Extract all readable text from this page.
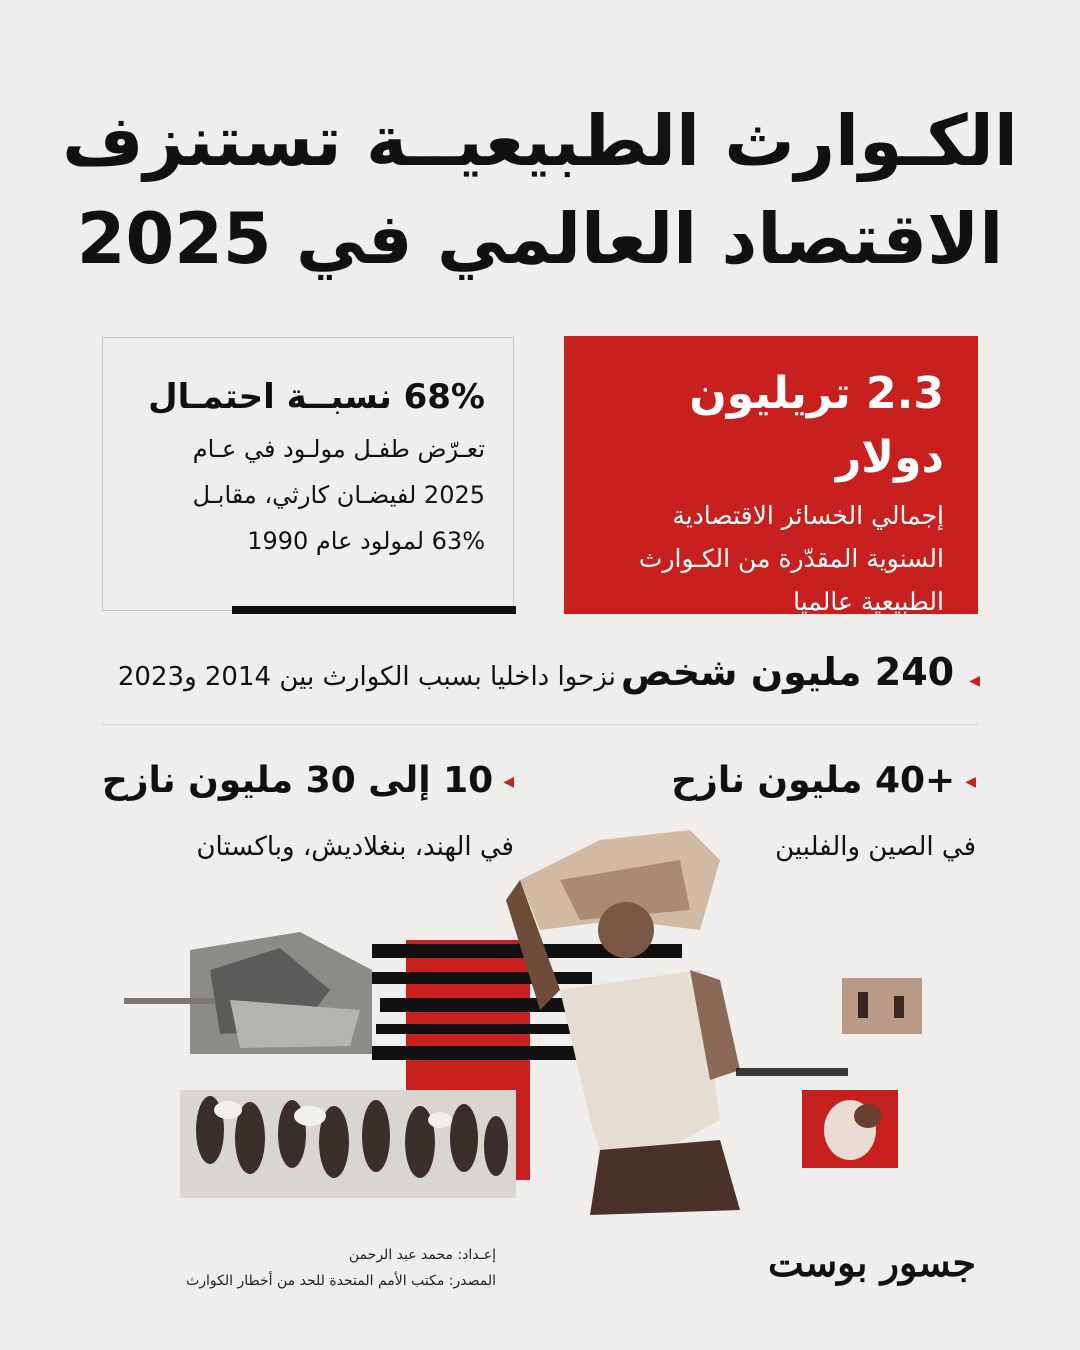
الكـوارث الطبيعيــة تستنزف
الاقتصاد العالمي في 2025
2.3 تريليون دولار
إجمالي الخسائر الاقتصادية
السنوية المقدّرة من الكـوارث
الطبيعية عالميا
68% نسبــة احتمـال
تعـرّض طفـل مولـود في عـام
2025 لفيضـان كارثي، مقابـل
63% لمولود عام 1990
◀ 240 مليون شخص نزحوا داخليا بسبب الكوارث بين 2014 و2023
◀+40 مليون نازح
في الصين والفلبين
◀10 إلى 30 مليون نازح
في الهند، بنغلاديش، وباكستان
إعـداد: محمد عبد الرحمن
المصدر: مكتب الأمم المتحدة للحد من أخطار الكوارث	جسور بوست
